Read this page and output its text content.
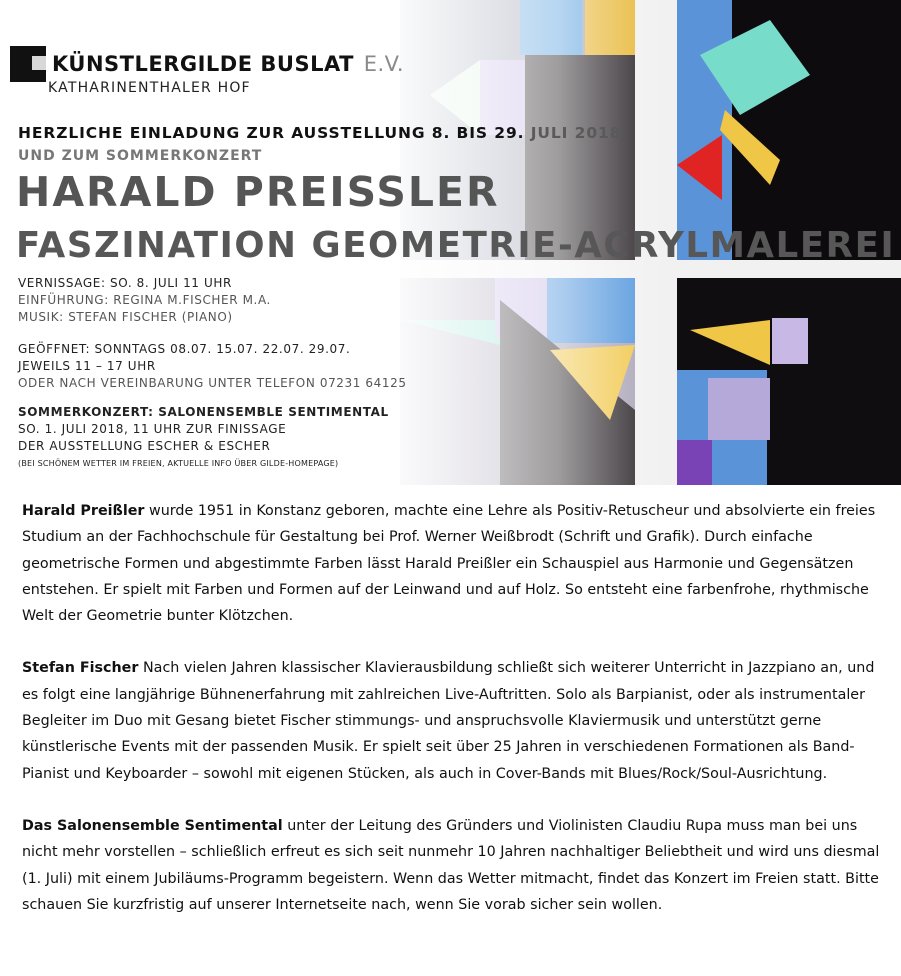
KÜNSTLERGILDE BUSLAT E.V.
KATHARINENTHALER HOF
HERZLICHE EINLADUNG ZUR AUSSTELLUNG 8. BIS 29. JULI 2018
UND ZUM SOMMERKONZERT
HARALD PREISSLER
FASZINATION GEOMETRIE-ACRYLMALEREI
VERNISSAGE: SO. 8. JULI 11 UHR
EINFÜHRUNG: REGINA M.FISCHER M.A.
MUSIK: STEFAN FISCHER (PIANO)
GEÖFFNET: SONNTAGS 08.07. 15.07. 22.07. 29.07.
JEWEILS 11 – 17 UHR
ODER NACH VEREINBARUNG UNTER TELEFON 07231 64125
SOMMERKONZERT: SALONENSEMBLE SENTIMENTAL
SO. 1. JULI 2018, 11 UHR ZUR FINISSAGE
DER AUSSTELLUNG ESCHER & ESCHER
(BEI SCHÖNEM WETTER IM FREIEN, AKTUELLE INFO ÜBER GILDE-HOMEPAGE)

Harald Preißler wurde 1951 in Konstanz geboren, machte eine Lehre als Positiv-Retuscheur und absolvierte ein freies Studium an der Fachhochschule für Gestaltung bei Prof. Werner Weißbrodt (Schrift und Grafik). Durch einfache geometrische Formen und abgestimmte Farben lässt Harald Preißler ein Schauspiel aus Harmonie und Gegensätzen entstehen. Er spielt mit Farben und Formen auf der Leinwand und auf Holz. So entsteht eine farbenfrohe, rhythmische Welt der Geometrie bunter Klötzchen.

Stefan Fischer Nach vielen Jahren klassischer Klavierausbildung schließt sich weiterer Unterricht in Jazzpiano an, und es folgt eine langjährige Bühnenerfahrung mit zahlreichen Live-Auftritten. Solo als Barpianist, oder als instrumentaler Begleiter im Duo mit Gesang bietet Fischer stimmungs- und anspruchsvolle Klaviermusik und unterstützt gerne künstlerische Events mit der passenden Musik. Er spielt seit über 25 Jahren in verschiedenen Formationen als Band-Pianist und Keyboarder – sowohl mit eigenen Stücken, als auch in Cover-Bands mit Blues/Rock/Soul-Ausrichtung.

Das Salonensemble Sentimental unter der Leitung des Gründers und Violinisten Claudiu Rupa muss man bei uns nicht mehr vorstellen – schließlich erfreut es sich seit nunmehr 10 Jahren nachhaltiger Beliebtheit und wird uns diesmal (1. Juli) mit einem Jubiläums-Programm begeistern. Wenn das Wetter mitmacht, findet das Konzert im Freien statt. Bitte schauen Sie kurzfristig auf unserer Internetseite nach, wenn Sie vorab sicher sein wollen.
